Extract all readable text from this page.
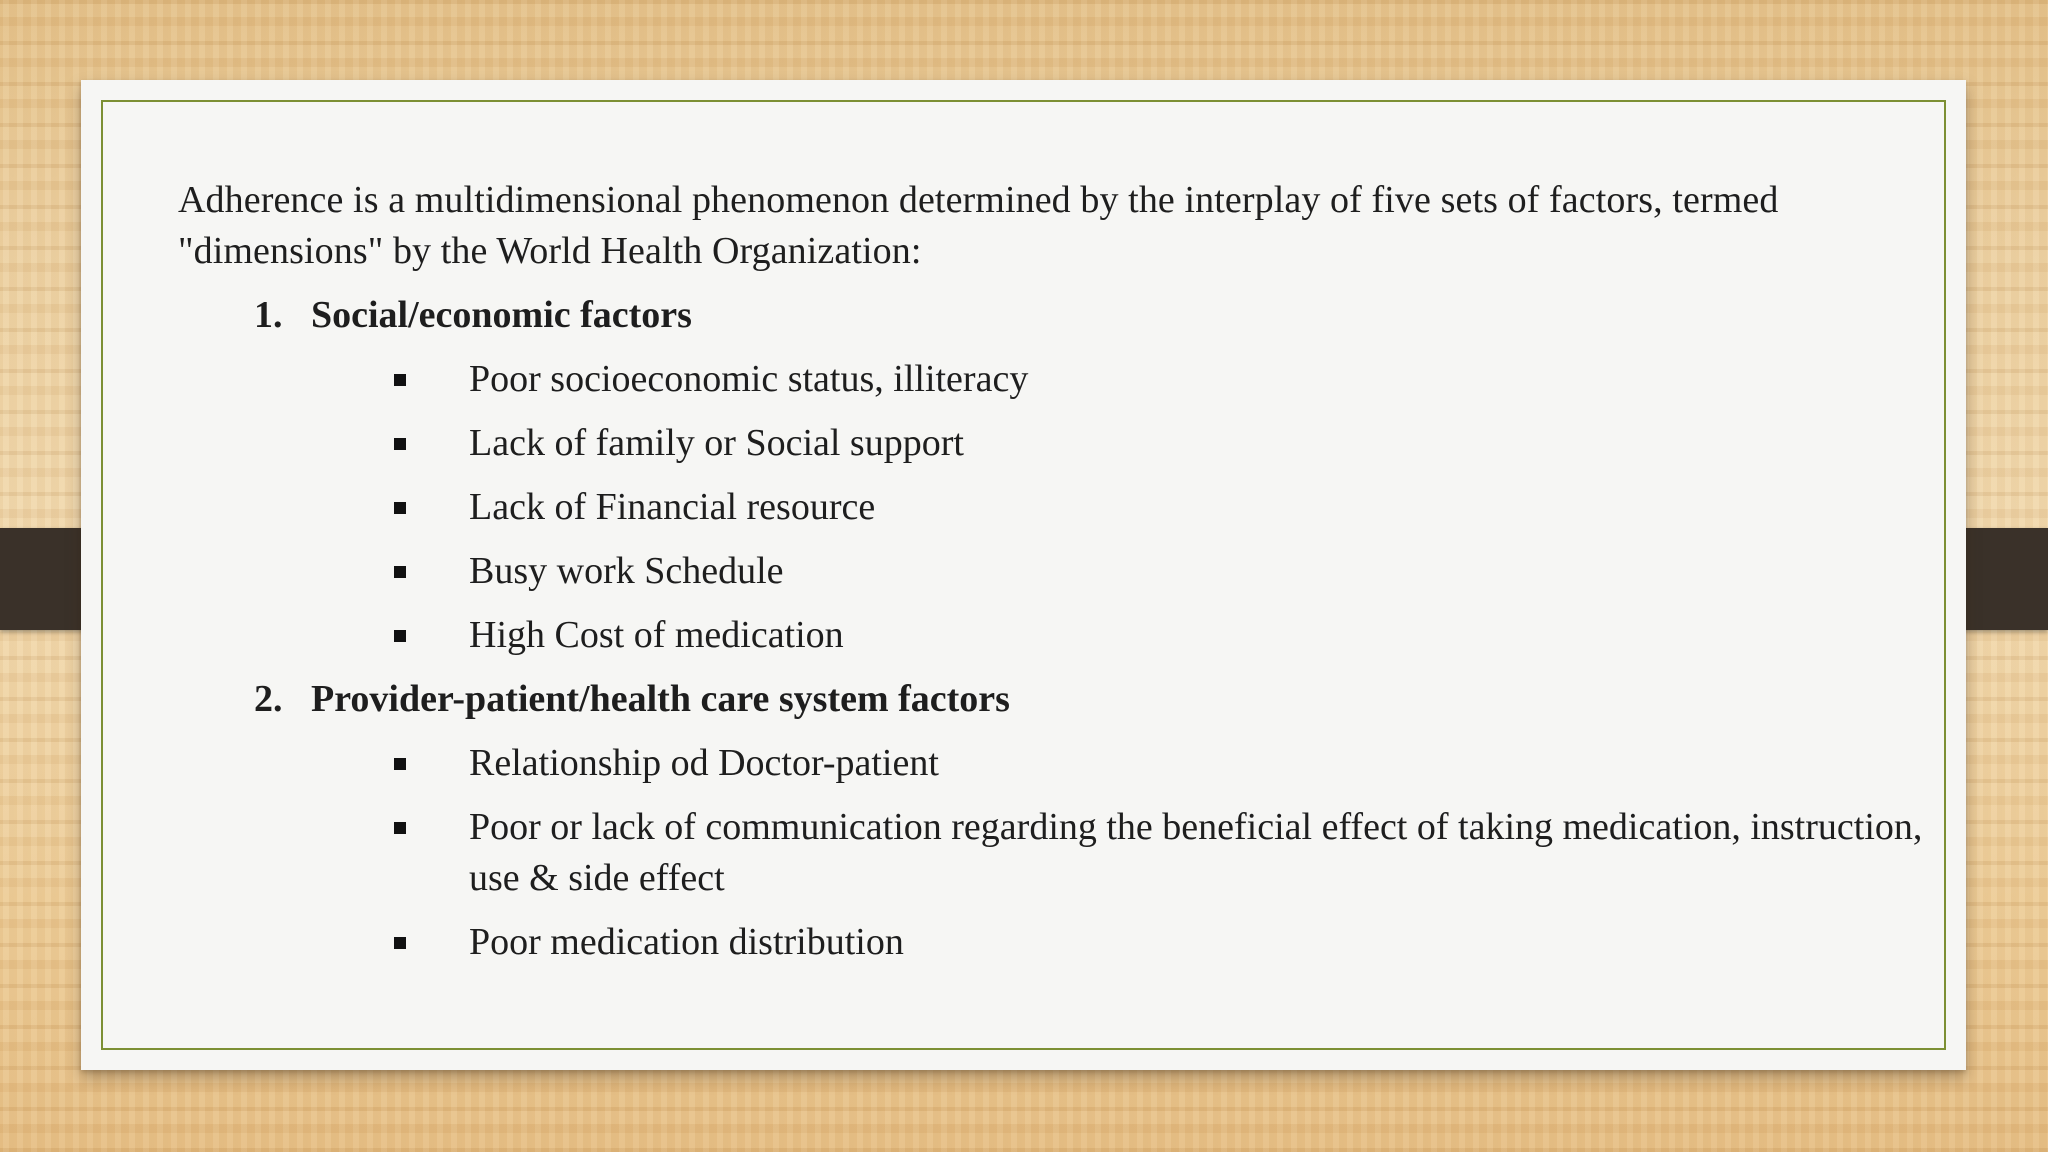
Adherence is a multidimensional phenomenon determined by the interplay of five sets of factors, termed "dimensions" by the World Health Organization:

1. Social/economic factors
Poor socioeconomic status, illiteracy
Lack of family or Social support
Lack of Financial resource
Busy work Schedule
High Cost of medication
2. Provider-patient/health care system factors
Relationship od Doctor-patient
Poor or lack of communication regarding the beneficial effect of taking medication, instruction, use & side effect
Poor medication distribution
